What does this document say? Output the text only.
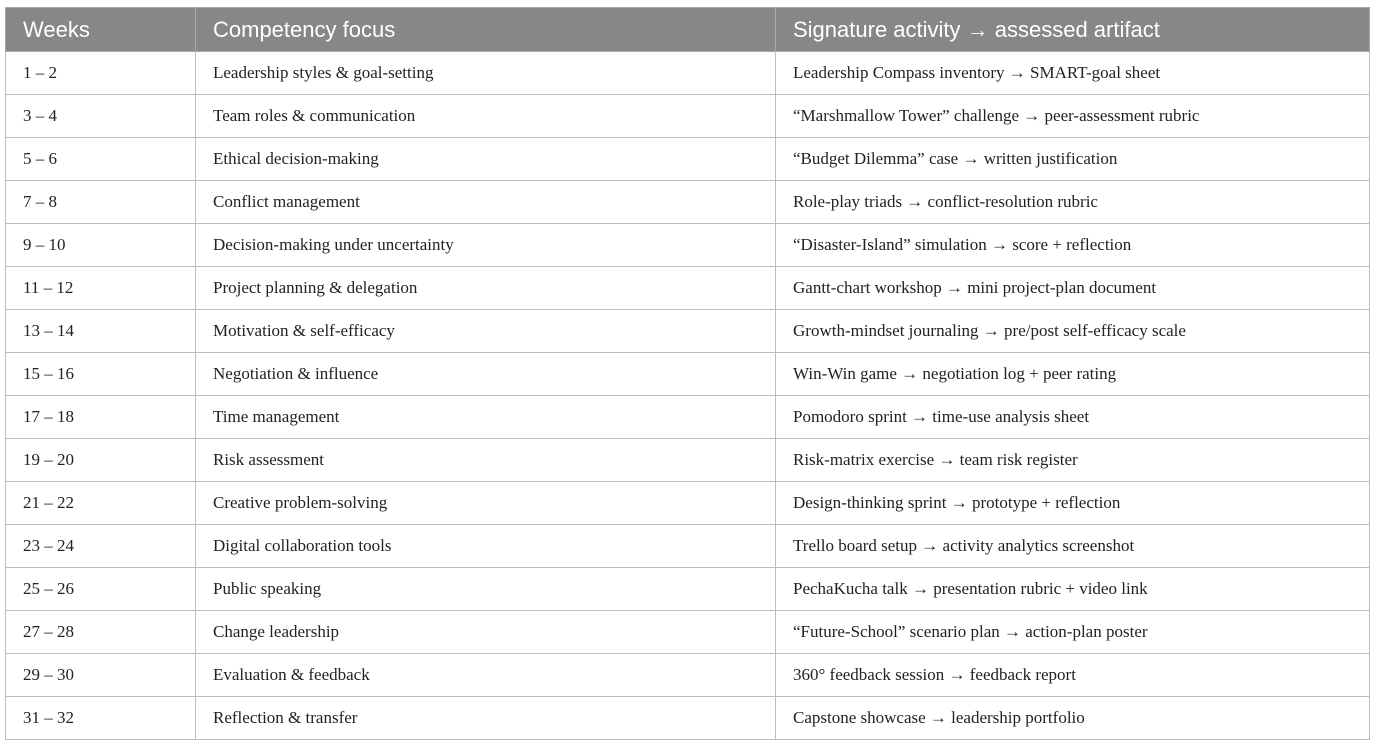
Weeks	Competency focus	Signature activity → assessed artifact
1 – 2	Leadership styles & goal-setting	Leadership Compass inventory → SMART-goal sheet
3 – 4	Team roles & communication	“Marshmallow Tower” challenge → peer-assessment rubric
5 – 6	Ethical decision-making	“Budget Dilemma” case → written justification
7 – 8	Conflict management	Role-play triads → conflict-resolution rubric
9 – 10	Decision-making under uncertainty	“Disaster-Island” simulation → score + reflection
11 – 12	Project planning & delegation	Gantt-chart workshop → mini project-plan document
13 – 14	Motivation & self-efficacy	Growth-mindset journaling → pre/post self-efficacy scale
15 – 16	Negotiation & influence	Win-Win game → negotiation log + peer rating
17 – 18	Time management	Pomodoro sprint → time-use analysis sheet
19 – 20	Risk assessment	Risk-matrix exercise → team risk register
21 – 22	Creative problem-solving	Design-thinking sprint → prototype + reflection
23 – 24	Digital collaboration tools	Trello board setup → activity analytics screenshot
25 – 26	Public speaking	PechaKucha talk → presentation rubric + video link
27 – 28	Change leadership	“Future-School” scenario plan → action-plan poster
29 – 30	Evaluation & feedback	360° feedback session → feedback report
31 – 32	Reflection & transfer	Capstone showcase → leadership portfolio
